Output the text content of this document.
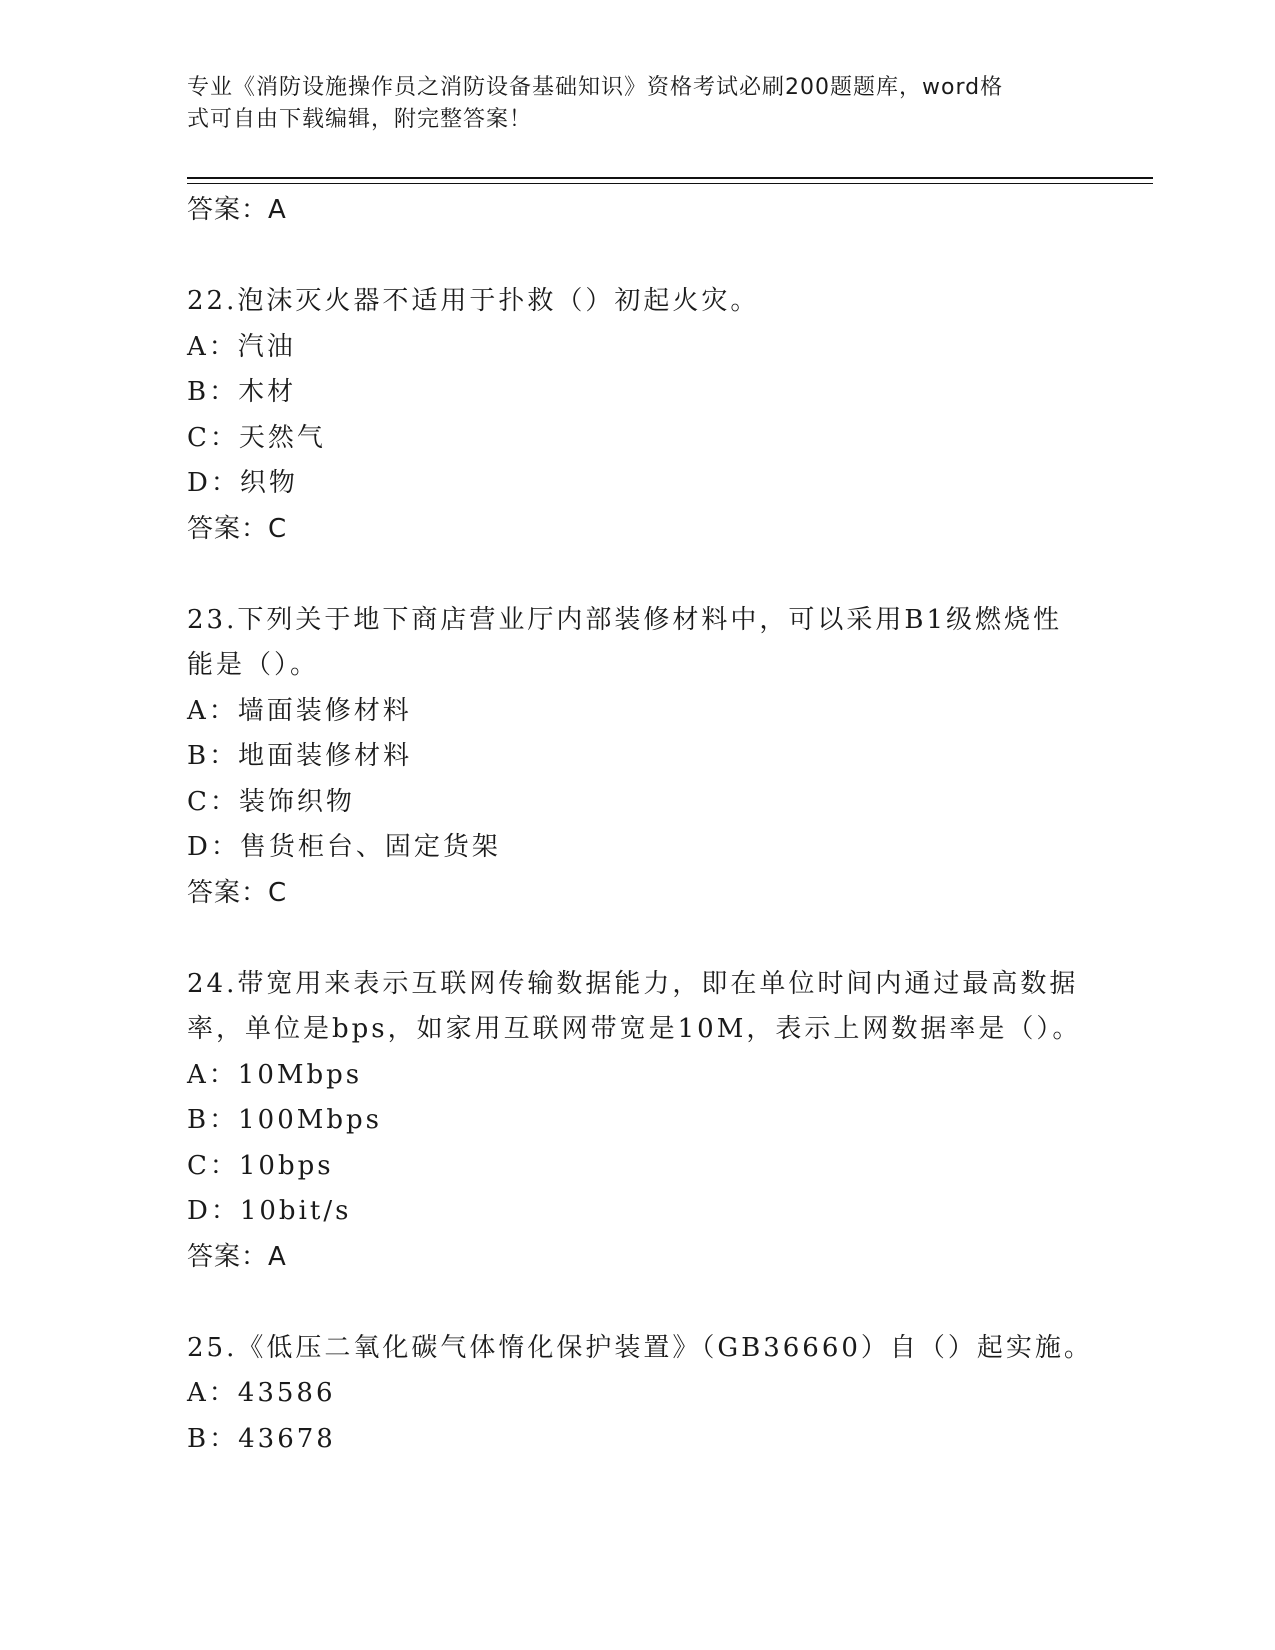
专业《消防设施操作员之消防设备基础知识》资格考试必刷200题题库，word格
式可自由下载编辑，附完整答案！
答案：A
22.泡沫灭火器不适用于扑救（）初起火灾。
A：汽油
B：木材
C：天然气
D：织物
答案：C
23.下列关于地下商店营业厅内部装修材料中，可以采用B1级燃烧性
能是（）。
A：墙面装修材料
B：地面装修材料
C：装饰织物
D：售货柜台、固定货架
答案：C
24.带宽用来表示互联网传输数据能力，即在单位时间内通过最高数据
率，单位是bps，如家用互联网带宽是10M，表示上网数据率是（）。
A：10Mbps
B：100Mbps
C：10bps
D：10bit/s
答案：A
25.《低压二氧化碳气体惰化保护装置》（GB36660）自（）起实施。
A：43586
B：43678
